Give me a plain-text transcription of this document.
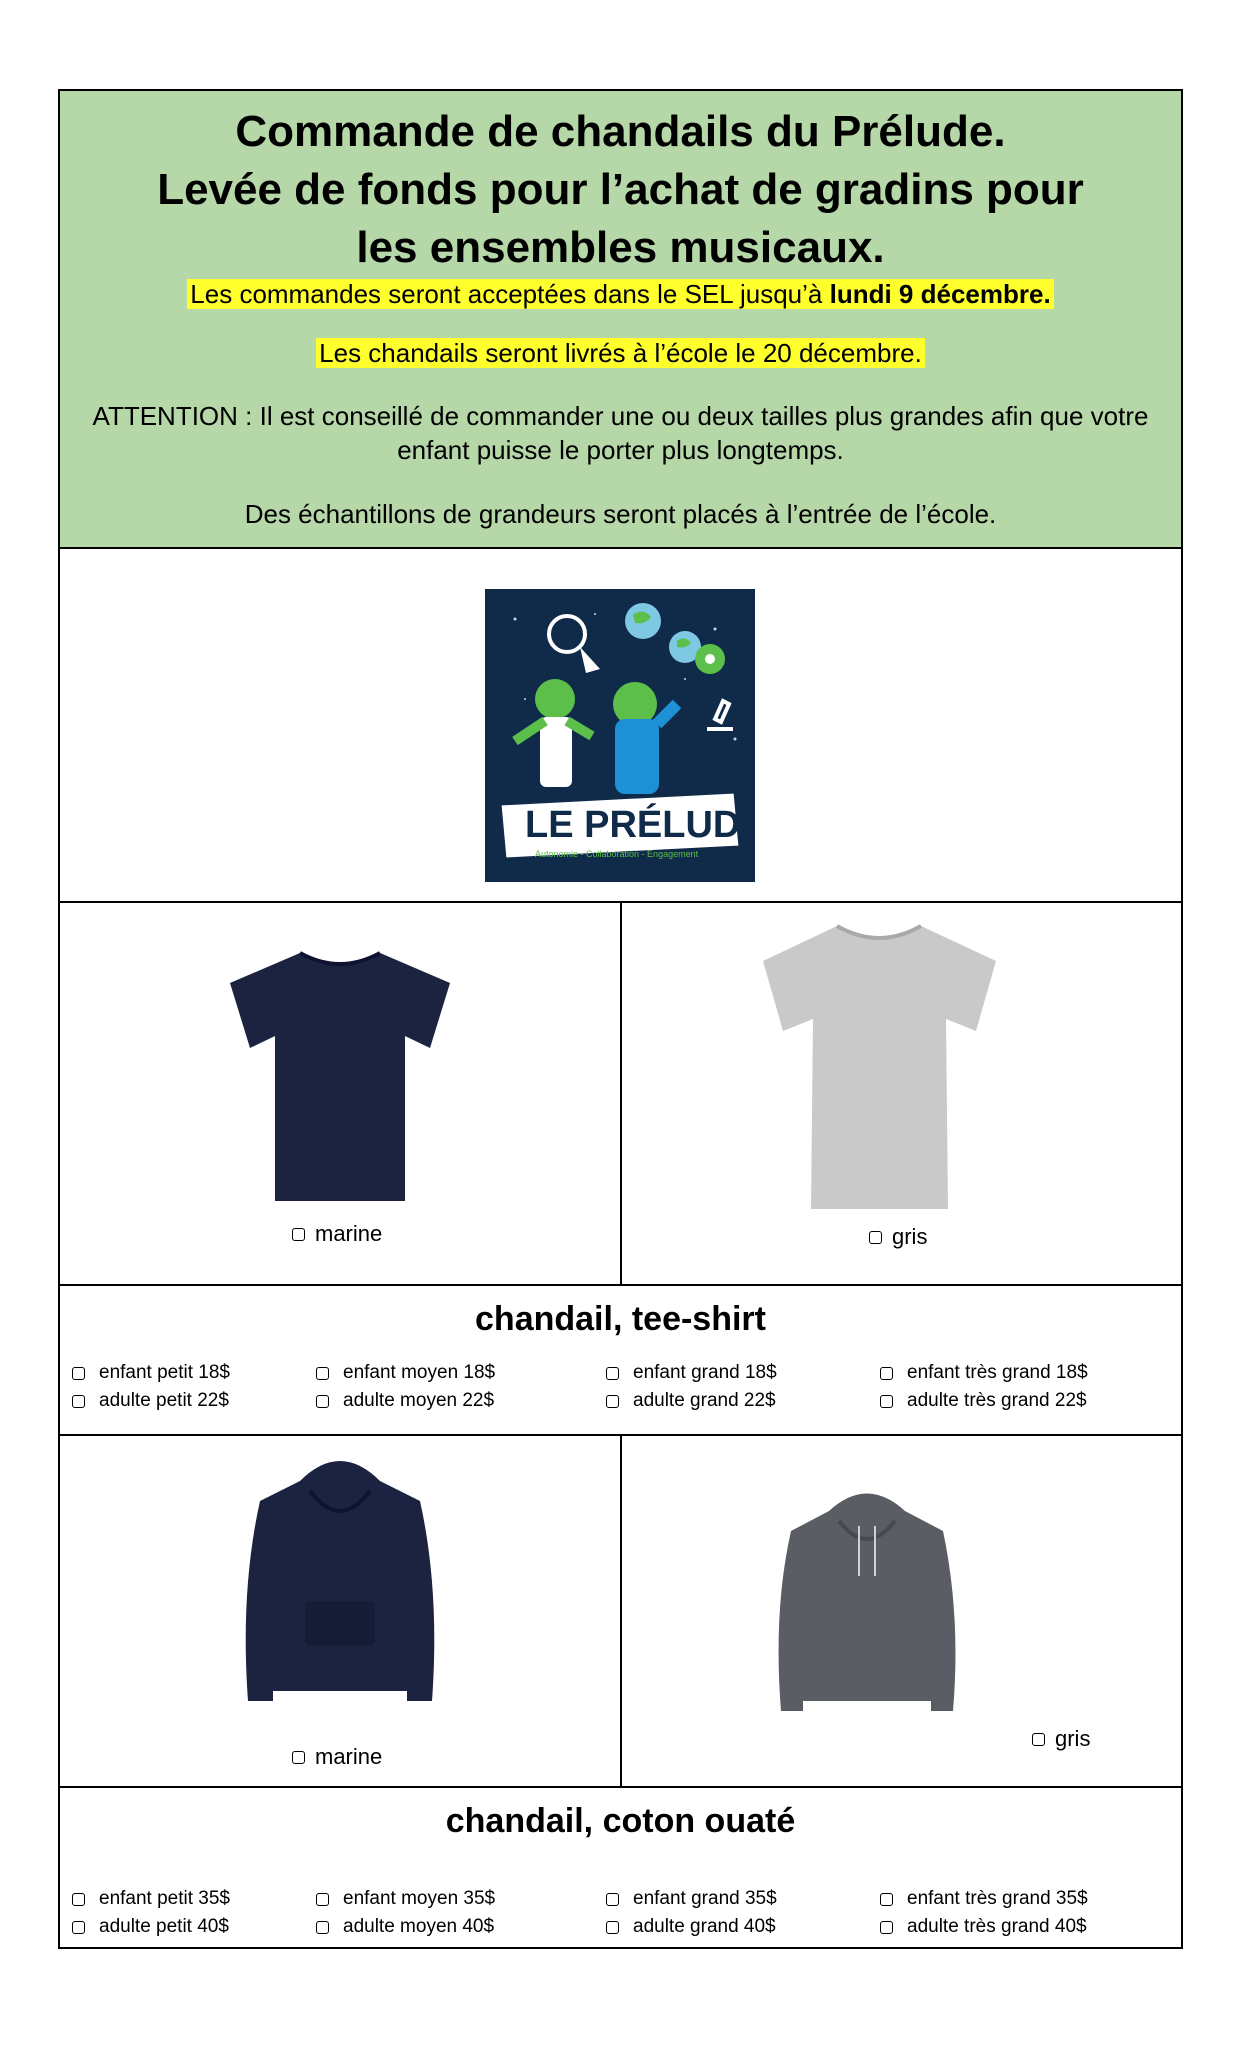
Commande de chandails du Prélude.
Levée de fonds pour l’achat de gradins pour
les ensembles musicaux.
Les commandes seront acceptées dans le SEL jusqu’à lundi 9 décembre.
Les chandails seront livrés à l’école le 20 décembre.
ATTENTION : Il est conseillé de commander une ou deux tailles plus grandes afin que votre enfant puisse le porter plus longtemps.
Des échantillons de grandeurs seront placés à l’entrée de l’école.
LE PRÉLUDE
Autonomie - Collaboration - Engagement
marine	gris
chandail, tee-shirt
enfant petit 18$
adulte petit 22$
enfant moyen 18$
adulte moyen 22$
enfant grand 18$
adulte grand 22$
enfant très grand 18$
adulte très grand 22$
marine
gris
chandail, coton ouaté
enfant petit 35$
adulte petit 40$
enfant moyen 35$
adulte moyen 40$
enfant grand 35$
adulte grand 40$
enfant très grand 35$
adulte très grand 40$
